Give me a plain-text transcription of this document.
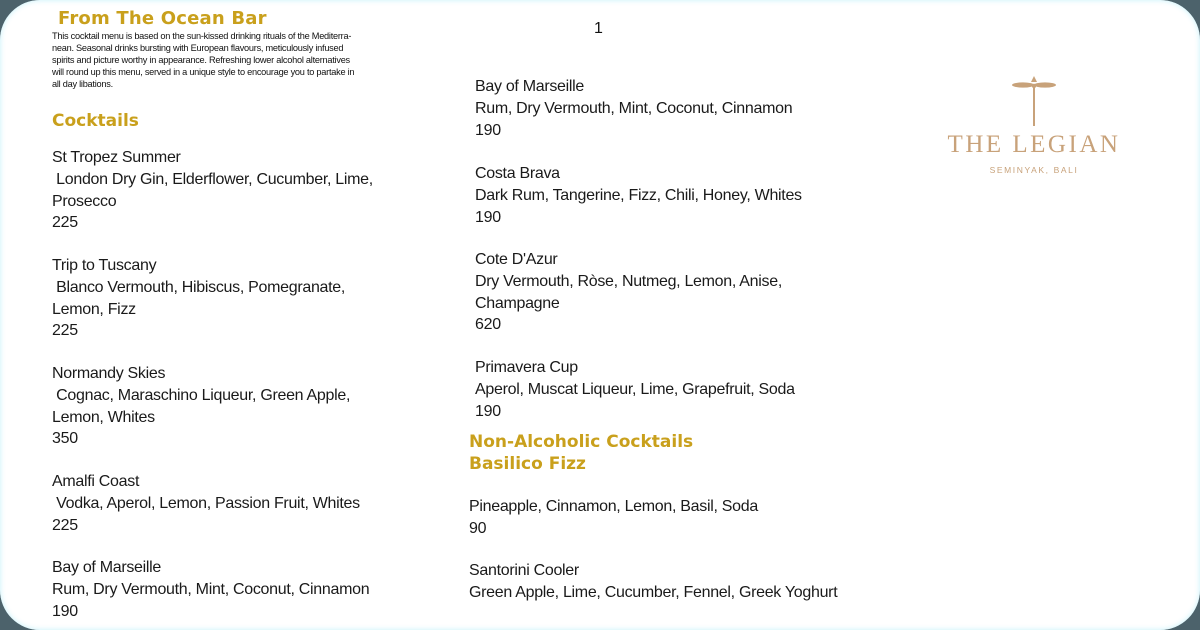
From The Ocean Bar
This cocktail menu is based on the sun-kissed drinking rituals of the Mediterra-
nean. Seasonal drinks bursting with European flavours, meticulously infused
spirits and picture worthy in appearance. Refreshing lower alcohol alternatives
will round up this menu, served in a unique style to encourage you to partake in
all day libations.
Cocktails
St Tropez Summer
London Dry Gin, Elderflower, Cucumber, Lime,
Prosecco
225
Trip to Tuscany
Blanco Vermouth, Hibiscus, Pomegranate,
Lemon, Fizz
225
Normandy Skies
Cognac, Maraschino Liqueur, Green Apple,
Lemon, Whites
350
Amalfi Coast
Vodka, Aperol, Lemon, Passion Fruit, Whites
225
Bay of Marseille
Rum, Dry Vermouth, Mint, Coconut, Cinnamon
190
1
Bay of Marseille
Rum, Dry Vermouth, Mint, Coconut, Cinnamon
190
Costa Brava
Dark Rum, Tangerine, Fizz, Chili, Honey, Whites
190
Cote D'Azur
Dry Vermouth, Ròse, Nutmeg, Lemon, Anise,
Champagne
620
Primavera Cup
Aperol, Muscat Liqueur, Lime, Grapefruit, Soda
190
Non-Alcoholic Cocktails
Basilico Fizz
Pineapple, Cinnamon, Lemon, Basil, Soda
90
Santorini Cooler
Green Apple, Lime, Cucumber, Fennel, Greek Yoghurt
THE LEGIAN
SEMINYAK, BALI
